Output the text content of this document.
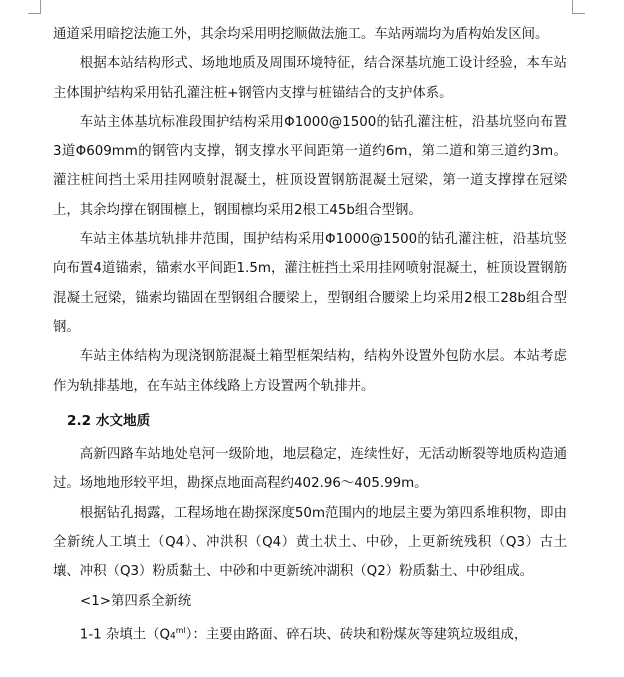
通道采用暗挖法施工外，其余均采用明挖顺做法施工。车站两端均为盾构始发区间。

根据本站结构形式、场地地质及周围环境特征，结合深基坑施工设计经验，本车站主体围护结构采用钻孔灌注桩+钢管内支撑与桩锚结合的支护体系。

车站主体基坑标准段围护结构采用Φ1000@1500的钻孔灌注桩，沿基坑竖向布置3道Φ609mm的钢管内支撑，钢支撑水平间距第一道约6m，第二道和第三道约3m。灌注桩间挡土采用挂网喷射混凝土，桩顶设置钢筋混凝土冠梁，第一道支撑撑在冠梁上，其余均撑在钢围檩上，钢围檩均采用2根工45b组合型钢。

车站主体基坑轨排井范围，围护结构采用Φ1000@1500的钻孔灌注桩，沿基坑竖向布置4道锚索，锚索水平间距1.5m，灌注桩挡土采用挂网喷射混凝土，桩顶设置钢筋混凝土冠梁，锚索均锚固在型钢组合腰梁上，型钢组合腰梁上均采用2根工28b组合型钢。

车站主体结构为现浇钢筋混凝土箱型框架结构，结构外设置外包防水层。本站考虑作为轨排基地，在车站主体线路上方设置两个轨排井。

2.2 水文地质

高新四路车站地处皂河一级阶地，地层稳定，连续性好，无活动断裂等地质构造通过。场地地形较平坦，勘探点地面高程约402.96～405.99m。

根据钻孔揭露，工程场地在勘探深度50m范围内的地层主要为第四系堆积物，即由全新统人工填土（Q4）、冲洪积（Q4）黄土状土、中砂，上更新统残积（Q3）古土壤、冲积（Q3）粉质黏土、中砂和中更新统冲湖积（Q2）粉质黏土、中砂组成。

<1>第四系全新统

1-1 杂填土$(Q4^{ml})$：主要由路面、碎石块、砖块和粉煤灰等建筑垃圾组成，
